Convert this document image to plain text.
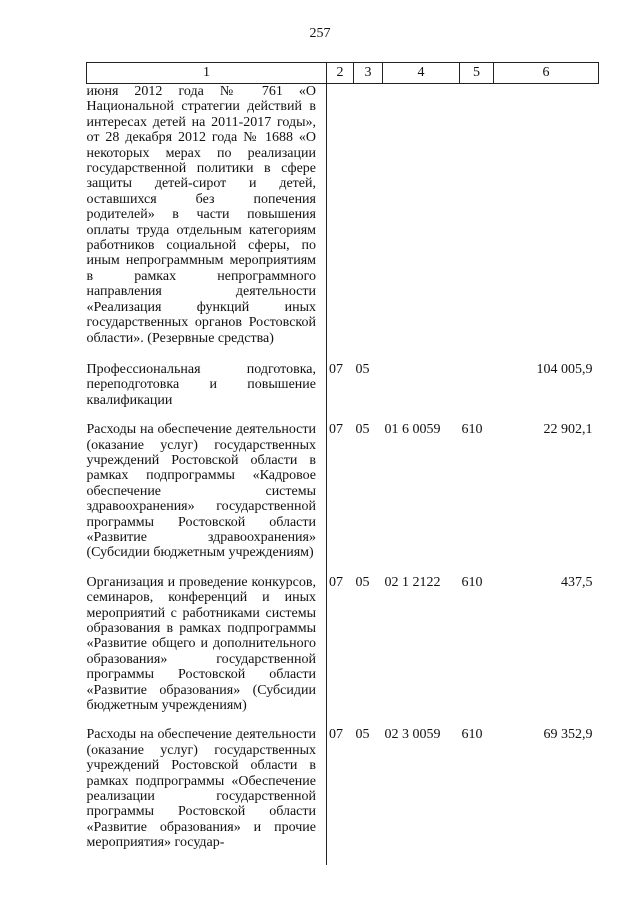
257
1	2	3	4	5	6
июня 2012 года № 761 «О Национальной стратегии действий в интересах детей на 2011-2017 годы», от 28 декабря 2012 года № 1688 «О некоторых мерах по реализации государственной политики в сфере защиты детей-сирот и детей, оставшихся без попечения родителей» в части повышения оплаты труда отдельным категориям работников социальной сферы, по иным непрограммным мероприятиям в рамках непрограммного направления деятельности «Реализация функций иных государственных органов Ростовской области». (Резервные средства)					
Профессиональная подготовка, переподготовка и повышение квалификации	07	05			104 005,9
Расходы на обеспечение деятельности (оказание услуг) государственных учреждений Ростовской области в рамках подпрограммы «Кадровое обеспечение системы здравоохранения» государственной программы Ростовской области «Развитие здравоохранения» (Субсидии бюджетным учреждениям)	07	05	01 6 0059	610	22 902,1
Организация и проведение конкурсов, семинаров, конференций и иных мероприятий с работниками системы образования в рамках подпрограммы «Развитие общего и дополнительного образования» государственной программы Ростовской области «Развитие образования» (Субсидии бюджетным учреждениям)	07	05	02 1 2122	610	437,5
Расходы на обеспечение деятельности (оказание услуг) государственных учреждений Ростовской области в рамках подпрограммы «Обеспечение реализации государственной программы Ростовской области «Развитие образования» и прочие мероприятия» государ-	07	05	02 3 0059	610	69 352,9
